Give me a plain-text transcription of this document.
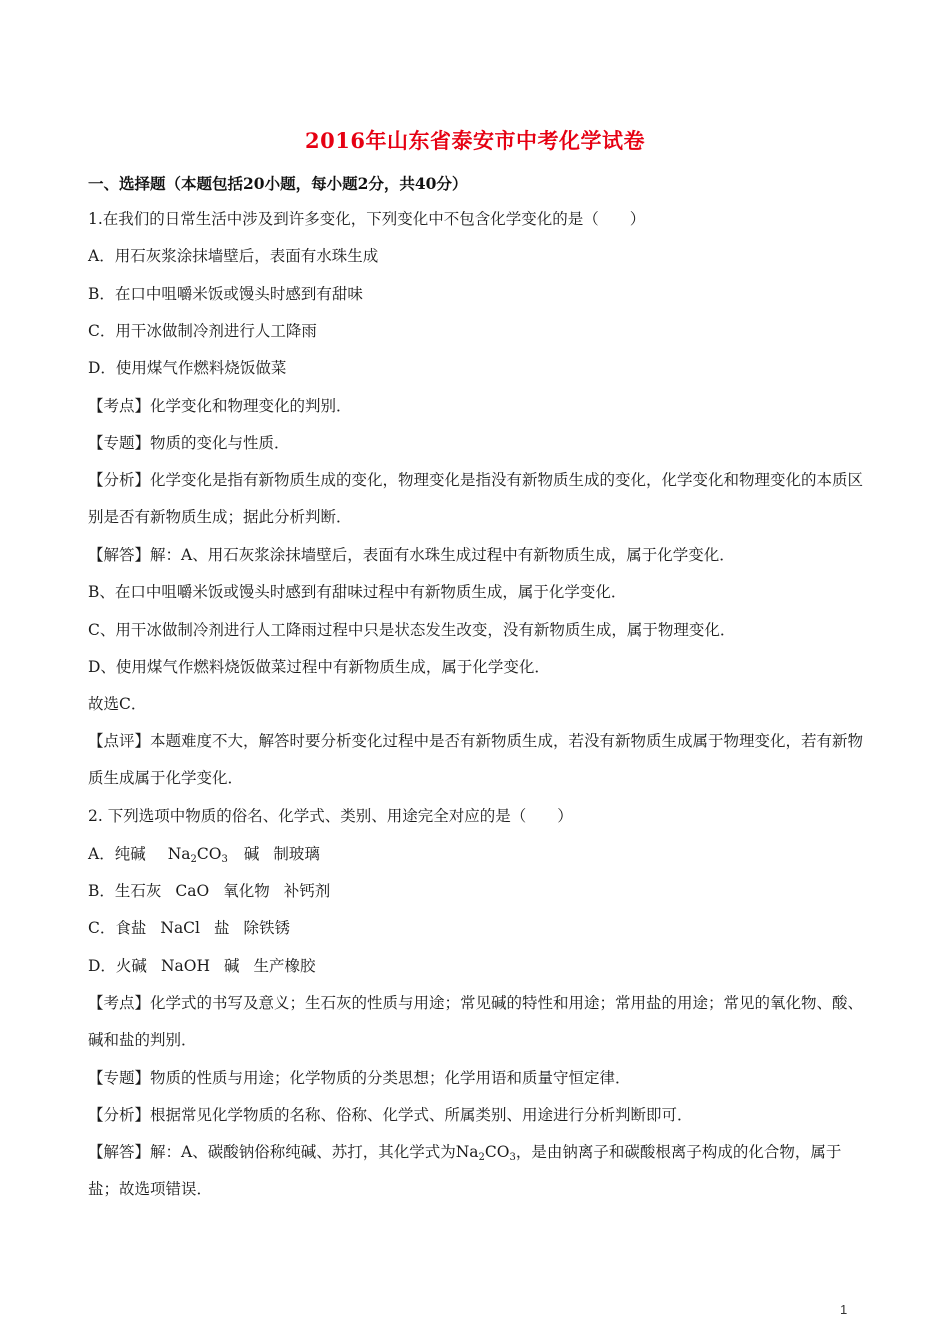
2016年山东省泰安市中考化学试卷
一、选择题（本题包括20小题，每小题2分，共40分）
1.在我们的日常生活中涉及到许多变化，下列变化中不包含化学变化的是（　　）
A．用石灰浆涂抹墙壁后，表面有水珠生成
B．在口中咀嚼米饭或馒头时感到有甜味
C．用干冰做制冷剂进行人工降雨
D．使用煤气作燃料烧饭做菜
【考点】化学变化和物理变化的判别．
【专题】物质的变化与性质．
【分析】化学变化是指有新物质生成的变化，物理变化是指没有新物质生成的变化，化学变化和物理变化的本质区别是否有新物质生成；据此分析判断．
【解答】解：A、用石灰浆涂抹墙壁后，表面有水珠生成过程中有新物质生成，属于化学变化．
B、在口中咀嚼米饭或馒头时感到有甜味过程中有新物质生成，属于化学变化．
C、用干冰做制冷剂进行人工降雨过程中只是状态发生改变，没有新物质生成，属于物理变化．
D、使用煤气作燃料烧饭做菜过程中有新物质生成，属于化学变化．
故选C．
【点评】本题难度不大，解答时要分析变化过程中是否有新物质生成，若没有新物质生成属于物理变化，若有新物质生成属于化学变化．
2. 下列选项中物质的俗名、化学式、类别、用途完全对应的是（　　）
A．纯碱 $Na_2CO_3$ 碱 制玻璃
B．生石灰 CaO 氧化物 补钙剂
C．食盐 NaCl 盐 除铁锈
D．火碱 NaOH 碱 生产橡胶
【考点】化学式的书写及意义；生石灰的性质与用途；常见碱的特性和用途；常用盐的用途；常见的氧化物、酸、碱和盐的判别．
【专题】物质的性质与用途；化学物质的分类思想；化学用语和质量守恒定律．
【分析】根据常见化学物质的名称、俗称、化学式、所属类别、用途进行分析判断即可．
【解答】解：A、碳酸钠俗称纯碱、苏打，其化学式为$Na_2CO_3$，是由钠离子和碳酸根离子构成的化合物，属于盐；故选项错误．
1
